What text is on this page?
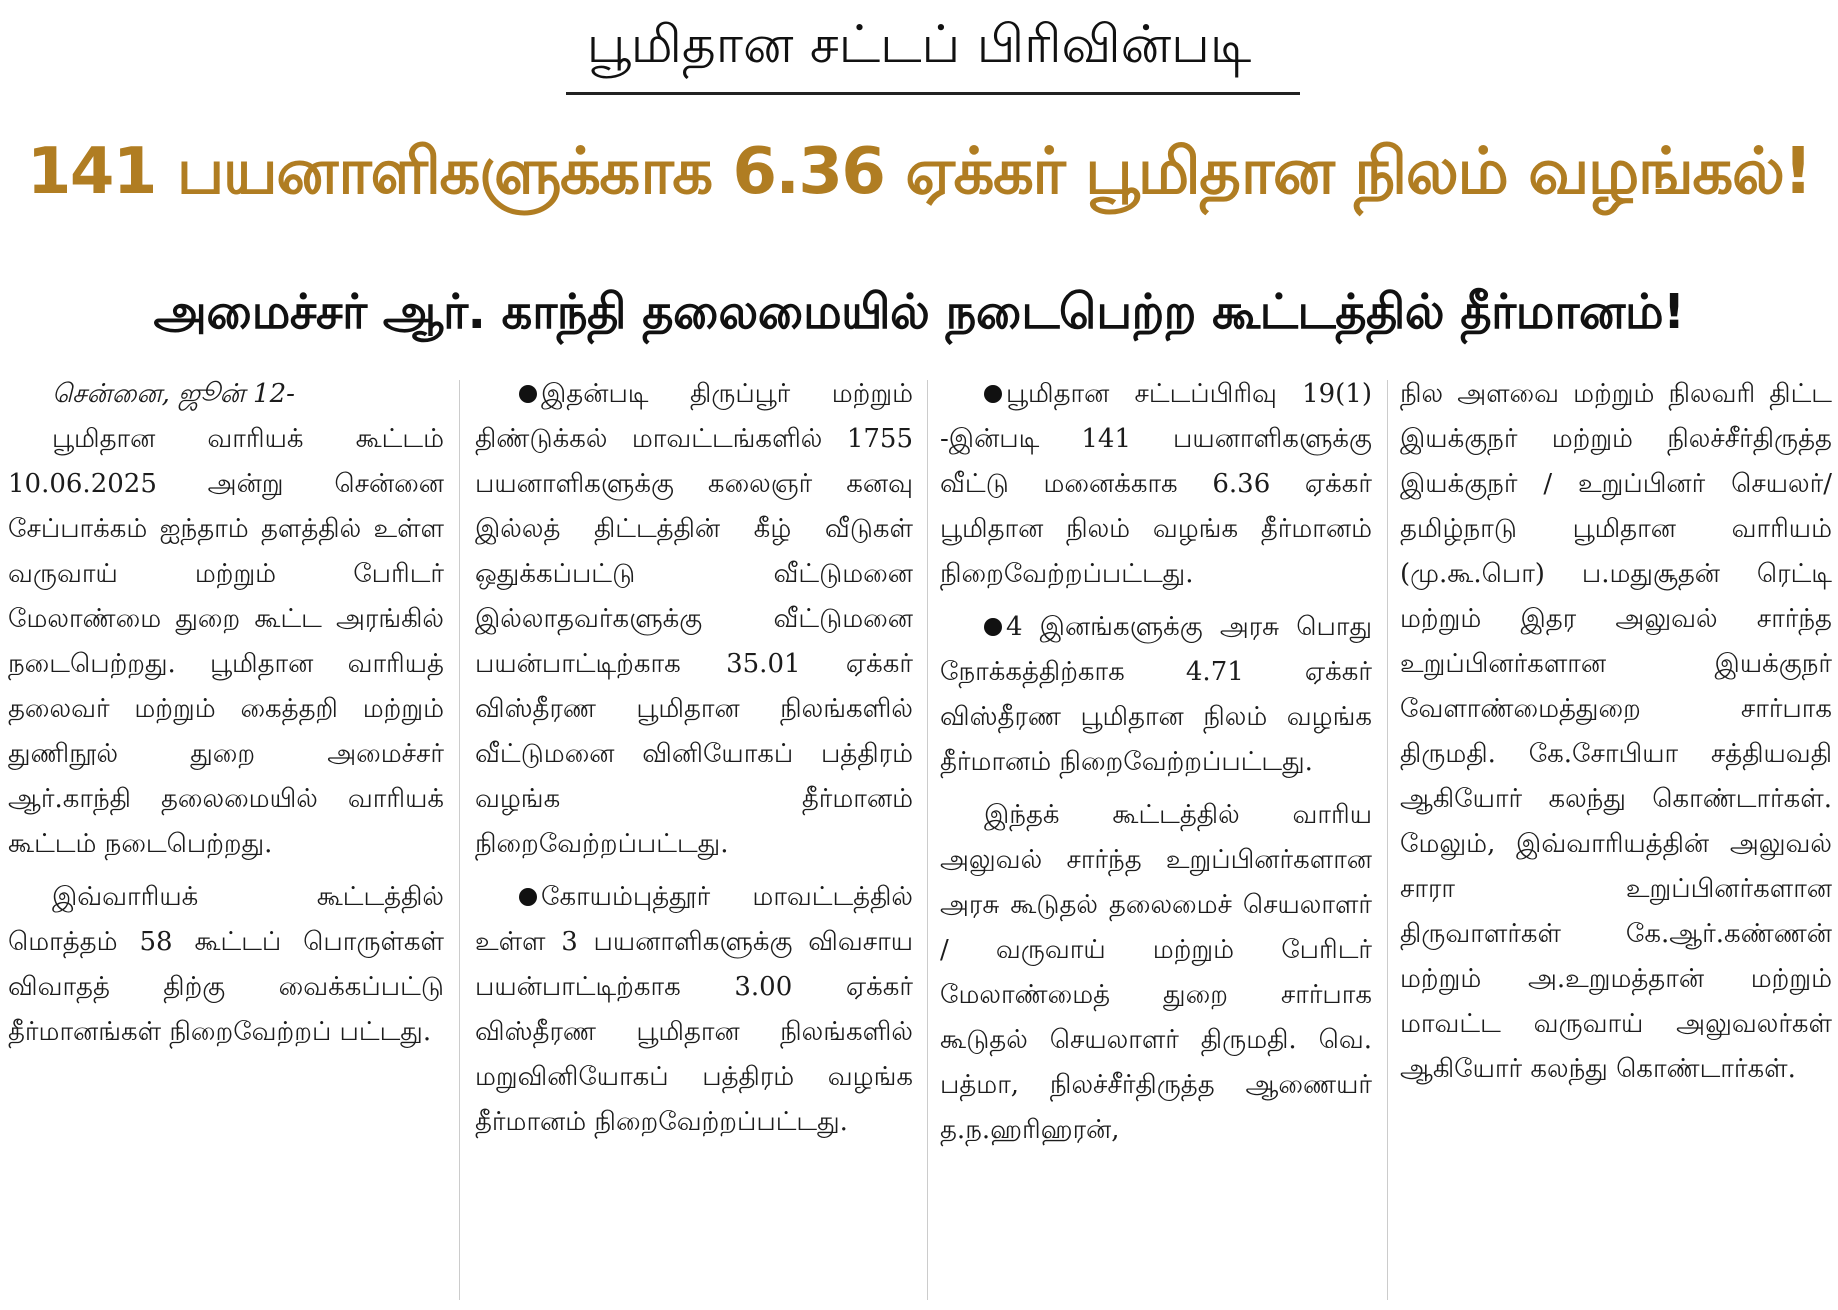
பூமிதான சட்டப் பிரிவின்படி
141 பயனாளிகளுக்காக 6.36 ஏக்கர் பூமிதான நிலம் வழங்கல்!
அமைச்சர் ஆர். காந்தி தலைமையில் நடைபெற்ற கூட்டத்தில் தீர்மானம்!

சென்னை, ஜூன் 12-

பூமிதான வாரியக் கூட்டம் 10.06.2025 அன்று சென்னை சேப்பாக்கம் ஐந்தாம் தளத்தில் உள்ள வருவாய் மற்றும் பேரிடர் மேலாண்மை துறை கூட்ட அரங்கில் நடைபெற்றது. பூமிதான வாரியத் தலைவர் மற்றும் கைத்தறி மற்றும் துணிநூல் துறை அமைச்சர் ஆர்.காந்தி தலைமையில் வாரியக் கூட்டம் நடைபெற்றது.

இவ்வாரியக் கூட்டத்தில் மொத்தம் 58 கூட்டப் பொருள்கள் விவாதத் திற்கு வைக்கப்பட்டு தீர்மானங்கள் நிறைவேற்றப் பட்டது.

இதன்படி திருப்பூர் மற்றும் திண்டுக்கல் மாவட்டங்களில் 1755 பயனாளிகளுக்கு கலைஞர் கனவு இல்லத் திட்டத்தின் கீழ் வீடுகள் ஒதுக்கப்பட்டு வீட்டுமனை இல்லாதவர்களுக்கு வீட்டுமனை பயன்பாட்டிற்காக 35.01 ஏக்கர் விஸ்தீரண பூமிதான நிலங்களில் வீட்டுமனை வினியோகப் பத்திரம் வழங்க தீர்மானம் நிறைவேற்றப்பட்டது.

கோயம்புத்தூர் மாவட்டத்தில் உள்ள 3 பயனாளிகளுக்கு விவசாய பயன்பாட்டிற்காக 3.00 ஏக்கர் விஸ்தீரண பூமிதான நிலங்களில் மறுவினியோகப் பத்திரம் வழங்க தீர்மானம் நிறைவேற்றப்பட்டது.

பூமிதான சட்டப்பிரிவு 19(1) -இன்படி 141 பயனாளிகளுக்கு வீட்டு மனைக்காக 6.36 ஏக்கர் பூமிதான நிலம் வழங்க தீர்மானம் நிறைவேற்றப்பட்டது.

4 இனங்களுக்கு அரசு பொது நோக்கத்திற்காக 4.71 ஏக்கர் விஸ்தீரண பூமிதான நிலம் வழங்க தீர்மானம் நிறைவேற்றப்பட்டது.

இந்தக் கூட்டத்தில் வாரிய அலுவல் சார்ந்த உறுப்பினர்களான அரசு கூடுதல் தலைமைச் செயலாளர் / வருவாய் மற்றும் பேரிடர் மேலாண்மைத் துறை சார்பாக கூடுதல் செயலாளர் திருமதி. வெ. பத்மா, நிலச்சீர்திருத்த ஆணையர் த.ந.ஹரிஹரன்,

நில அளவை மற்றும் நிலவரி திட்ட இயக்குநர் மற்றும் நிலச்சீர்திருத்த இயக்குநர் / உறுப்பினர் செயலர்/ தமிழ்நாடு பூமிதான வாரியம் (மு.கூ.பொ) ப.மதுசூதன் ரெட்டி மற்றும் இதர அலுவல் சார்ந்த உறுப்பினர்களான இயக்குநர் வேளாண்மைத்துறை சார்பாக திருமதி. கே.சோபியா சத்தியவதி ஆகியோர் கலந்து கொண்டார்கள். மேலும், இவ்வாரியத்தின் அலுவல் சாரா உறுப்பினர்களான திருவாளர்கள் கே.ஆர்.கண்ணன் மற்றும் அ.உறுமத்தான் மற்றும் மாவட்ட வருவாய் அலுவலர்கள் ஆகியோர் கலந்து கொண்டார்கள்.
